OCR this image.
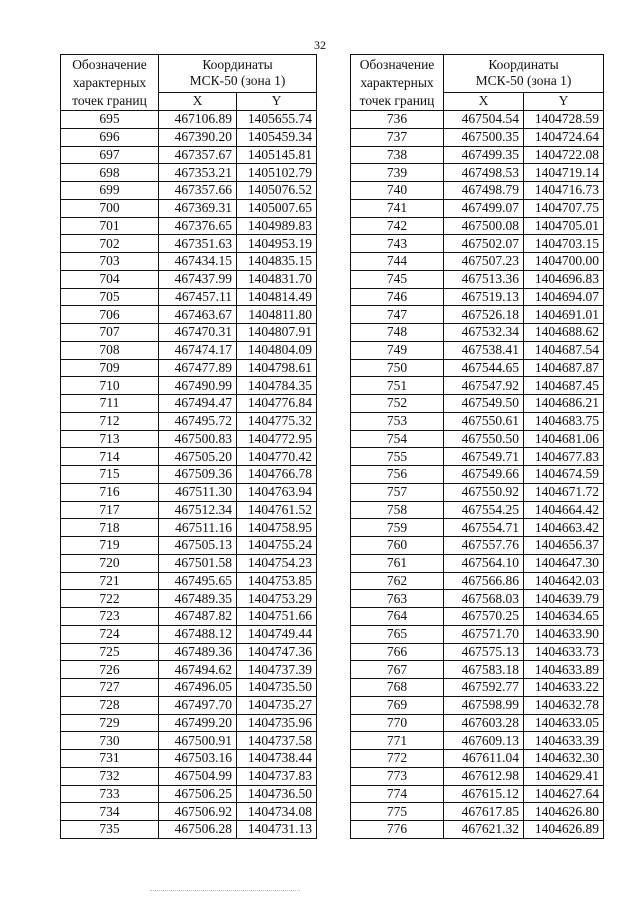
32
Обозначение
характерных
точек границ	Координаты
МСК-50 (зона 1)	
	X	Y
695	467106.89	1405655.74
696	467390.20	1405459.34
697	467357.67	1405145.81
698	467353.21	1405102.79
699	467357.66	1405076.52
700	467369.31	1405007.65
701	467376.65	1404989.83
702	467351.63	1404953.19
703	467434.15	1404835.15
704	467437.99	1404831.70
705	467457.11	1404814.49
706	467463.67	1404811.80
707	467470.31	1404807.91
708	467474.17	1404804.09
709	467477.89	1404798.61
710	467490.99	1404784.35
711	467494.47	1404776.84
712	467495.72	1404775.32
713	467500.83	1404772.95
714	467505.20	1404770.42
715	467509.36	1404766.78
716	467511.30	1404763.94
717	467512.34	1404761.52
718	467511.16	1404758.95
719	467505.13	1404755.24
720	467501.58	1404754.23
721	467495.65	1404753.85
722	467489.35	1404753.29
723	467487.82	1404751.66
724	467488.12	1404749.44
725	467489.36	1404747.36
726	467494.62	1404737.39
727	467496.05	1404735.50
728	467497.70	1404735.27
729	467499.20	1404735.96
730	467500.91	1404737.58
731	467503.16	1404738.44
732	467504.99	1404737.83
733	467506.25	1404736.50
734	467506.92	1404734.08
735	467506.28	1404731.13
Обозначение
характерных
точек границ	Координаты
МСК-50 (зона 1)	
	X	Y
736	467504.54	1404728.59
737	467500.35	1404724.64
738	467499.35	1404722.08
739	467498.53	1404719.14
740	467498.79	1404716.73
741	467499.07	1404707.75
742	467500.08	1404705.01
743	467502.07	1404703.15
744	467507.23	1404700.00
745	467513.36	1404696.83
746	467519.13	1404694.07
747	467526.18	1404691.01
748	467532.34	1404688.62
749	467538.41	1404687.54
750	467544.65	1404687.87
751	467547.92	1404687.45
752	467549.50	1404686.21
753	467550.61	1404683.75
754	467550.50	1404681.06
755	467549.71	1404677.83
756	467549.66	1404674.59
757	467550.92	1404671.72
758	467554.25	1404664.42
759	467554.71	1404663.42
760	467557.76	1404656.37
761	467564.10	1404647.30
762	467566.86	1404642.03
763	467568.03	1404639.79
764	467570.25	1404634.65
765	467571.70	1404633.90
766	467575.13	1404633.73
767	467583.18	1404633.89
768	467592.77	1404633.22
769	467598.99	1404632.78
770	467603.28	1404633.05
771	467609.13	1404633.39
772	467611.04	1404632.30
773	467612.98	1404629.41
774	467615.12	1404627.64
775	467617.85	1404626.80
776	467621.32	1404626.89
